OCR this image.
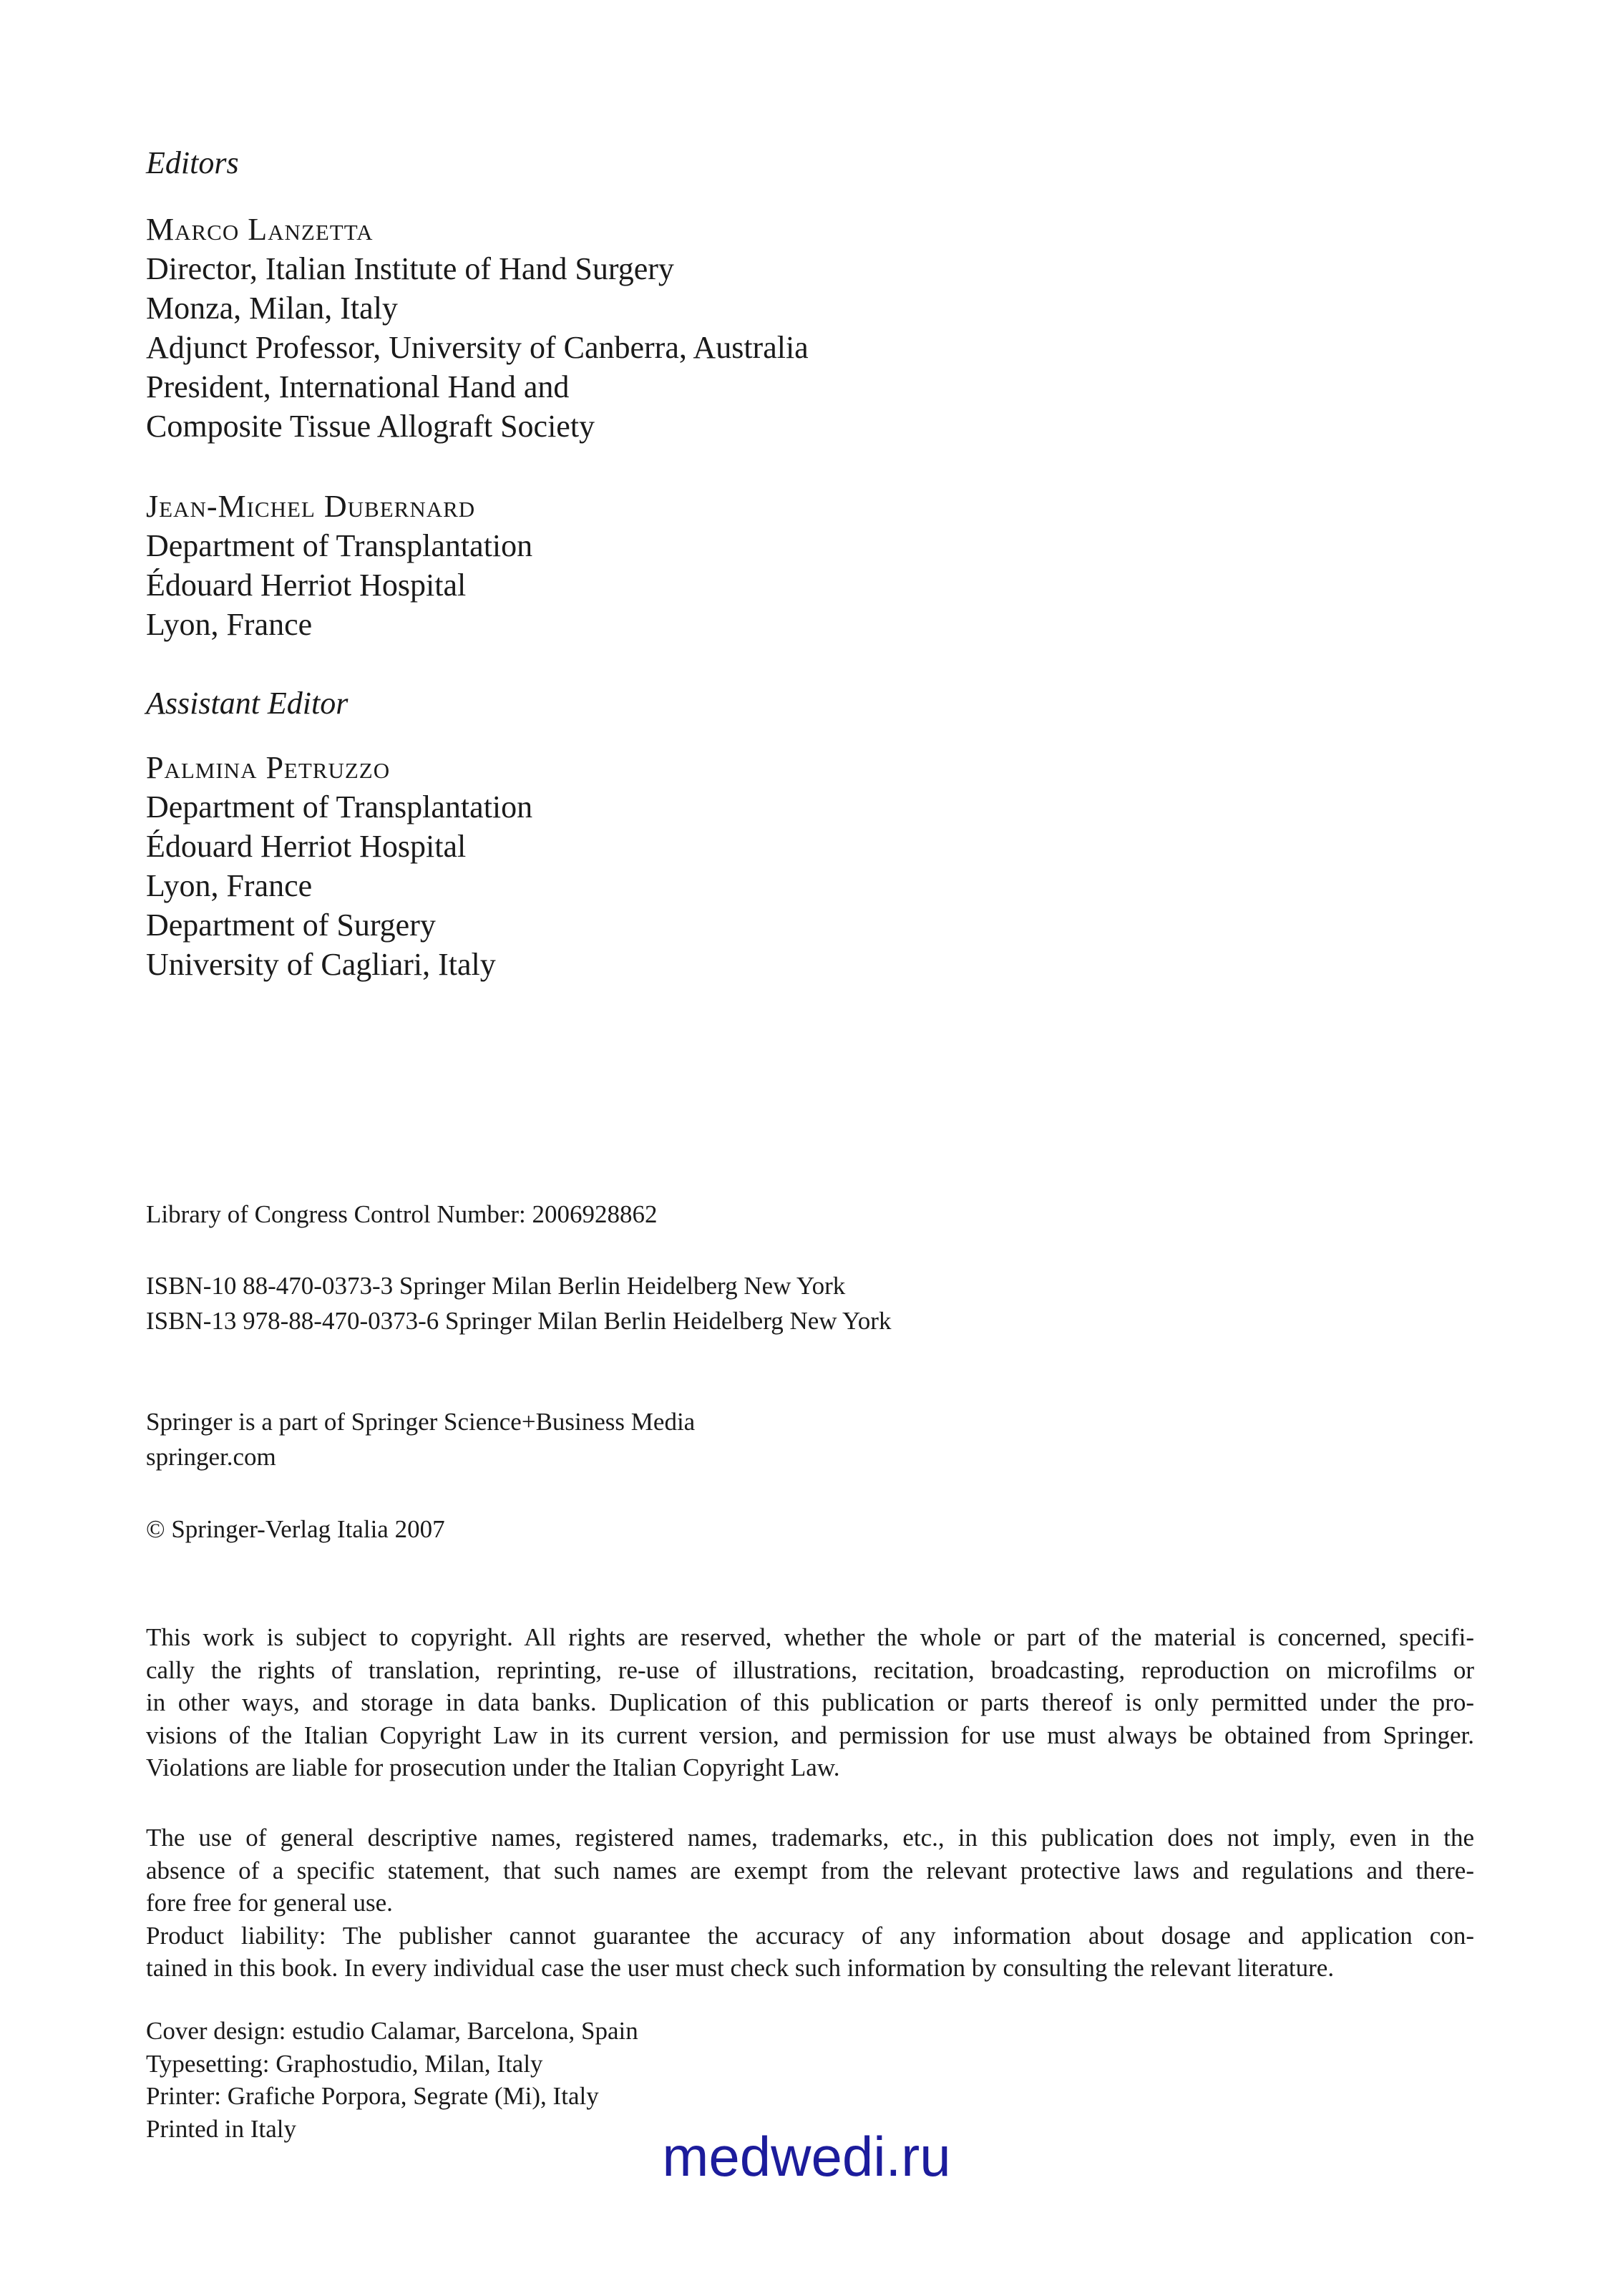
Editors

Marco Lanzetta

Director, Italian Institute of Hand Surgery

Monza, Milan, Italy

Adjunct Professor, University of Canberra, Australia

President, International Hand and

Composite Tissue Allograft Society

Jean-Michel Dubernard

Department of Transplantation

Édouard Herriot Hospital

Lyon, France

Assistant Editor

Palmina Petruzzo

Department of Transplantation

Édouard Herriot Hospital

Lyon, France

Department of Surgery

University of Cagliari, Italy

Library of Congress Control Number: 2006928862

ISBN-10 88-470-0373-3 Springer Milan Berlin Heidelberg New York

ISBN-13 978-88-470-0373-6 Springer Milan Berlin Heidelberg New York

Springer is a part of Springer Science+Business Media

springer.com

© Springer-Verlag Italia 2007

This work is subject to copyright. All rights are reserved, whether the whole or part of the material is concerned, specifi-
cally the rights of translation, reprinting, re-use of illustrations, recitation, broadcasting, reproduction on microfilms or
in other ways, and storage in data banks. Duplication of this publication or parts thereof is only permitted under the pro-
visions of the Italian Copyright Law in its current version, and permission for use must always be obtained from Springer.
Violations are liable for prosecution under the Italian Copyright Law.

The use of general descriptive names, registered names, trademarks, etc., in this publication does not imply, even in the
absence of a specific statement, that such names are exempt from the relevant protective laws and regulations and there-
fore free for general use.

Product liability: The publisher cannot guarantee the accuracy of any information about dosage and application con-
tained in this book. In every individual case the user must check such information by consulting the relevant literature.

Cover design: estudio Calamar, Barcelona, Spain

Typesetting: Graphostudio, Milan, Italy

Printer: Grafiche Porpora, Segrate (Mi), Italy

Printed in Italy	medwedi.ru
